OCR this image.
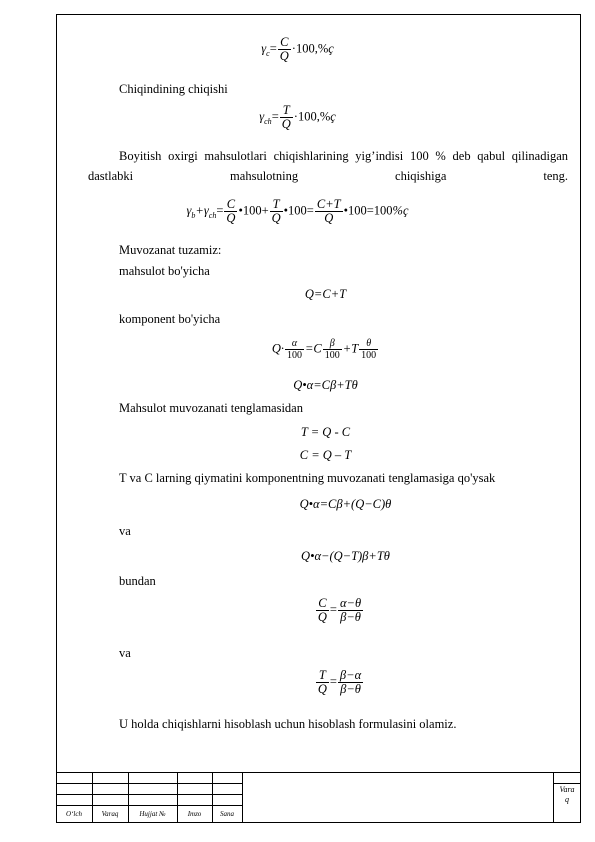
$\gamma_c= \frac{C}{Q} \cdot 100,\%ҫ$
Chiqindining chiqishi
$\gamma_{ch}= \frac{T}{Q} \cdot 100,\%ҫ$
Boyitish oxirgi mahsulotlari chiqishlarining yig’indisi 100 % deb qabul qilinadigan dastlabki mahsulotning chiqishiga teng.
$\gamma_b+\gamma_{ch}= \frac{C}{Q}$ •100+ $\frac{T}{Q}$ •100= $\frac{C+T}{Q}$ •100=100%ҫ
Muvozanat tuzamiz:
mahsulot bo'yicha
Q=C+T
komponent bo'yicha
$Q\cdot \frac{\alpha}{100} =C \frac{\beta}{100} +T \frac{\theta}{100}$
Q•α=Cβ+Tθ
Mahsulot muvozanati tenglamasidan
T = Q - C
C = Q – T
T va C larning qiymatini komponentning muvozanati tenglamasiga qo'ysak
Q•α=Cβ+(Q−C)θ
va
Q•α−(Q−T)β+Tθ
bundan
$\frac{C}{Q} = \frac{\alpha-\theta}{\beta-\theta}$
va
$\frac{T}{Q} = \frac{\beta-\alpha}{\beta-\theta}$
U holda chiqishlarni hisoblash uchun hisoblash formulasini olamiz.
O‘lch	Varaq	Hujjat №	Imzo	Sana
Vara
q
